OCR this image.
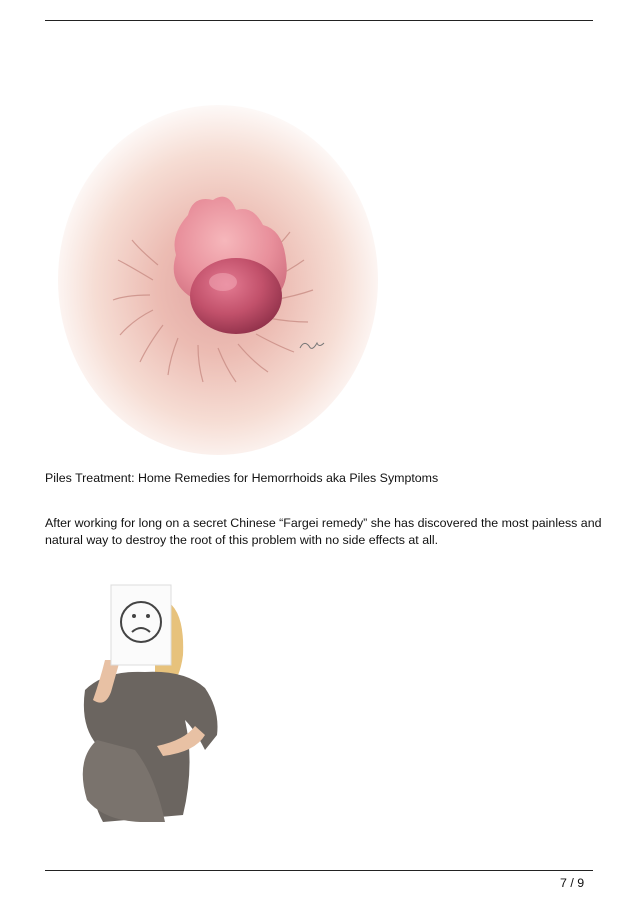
Piles Treatment: Home Remedies for Hemorrhoids aka Piles Symptoms
After working for long on a secret Chinese “Fargei remedy” she has discovered the most painless and natural way to destroy the root of this problem with no side effects at all.
7 / 9
